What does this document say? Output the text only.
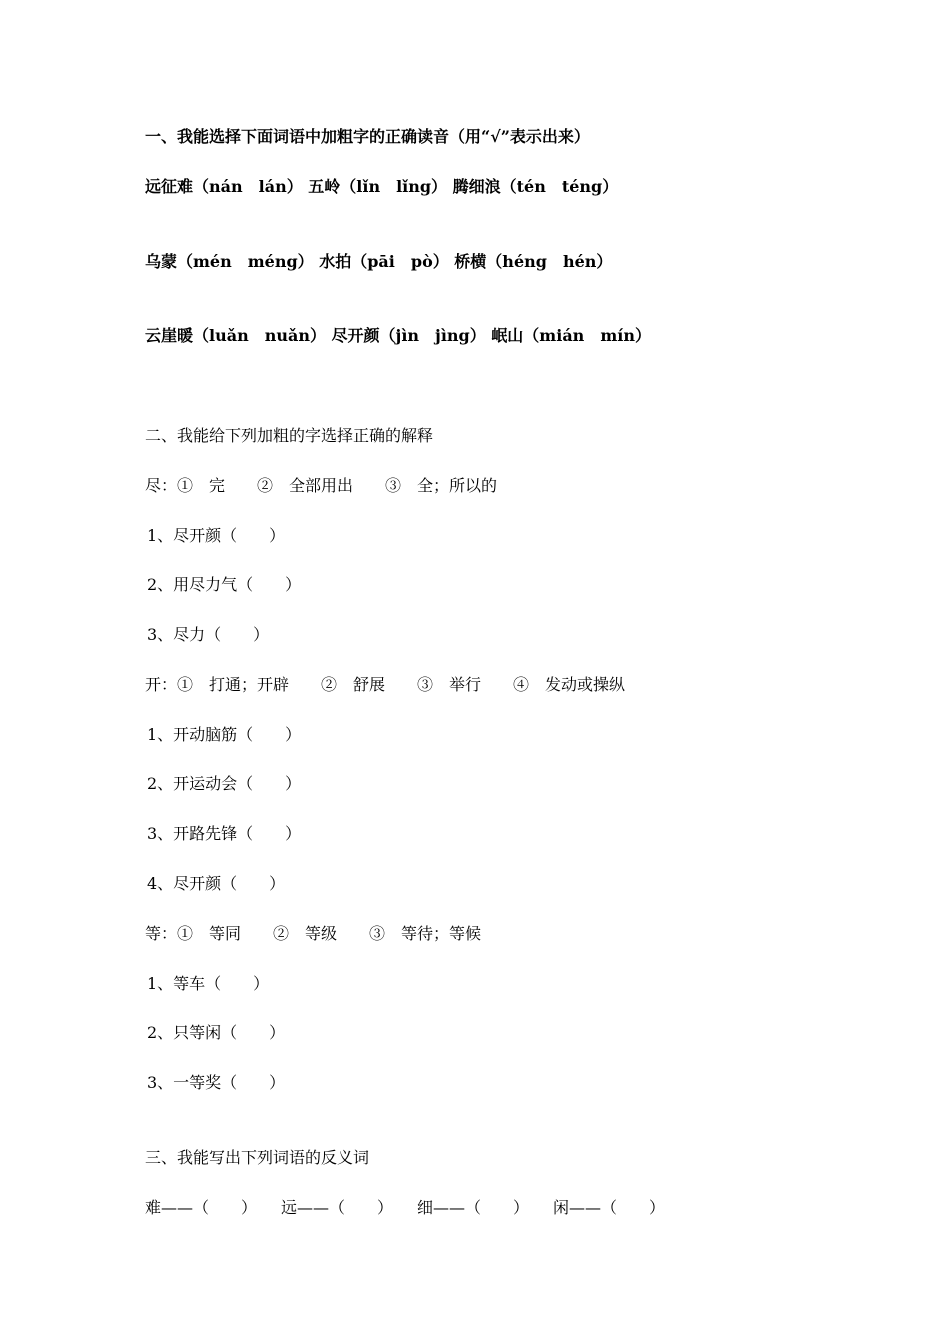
一、我能选择下面词语中加粗字的正确读音（用“√”表示出来）
远征难（nán　lán） 五岭（lǐn　lǐng） 腾细浪（tén　téng）
乌蒙（mén　méng） 水拍（pāi　pò） 桥横（héng　hén）
云崖暖（luǎn　nuǎn） 尽开颜（jìn　jìng） 岷山（mián　mín）
二、我能给下列加粗的字选择正确的解释
尽：①　完　　②　全部用出　　③　全；所以的
1、尽开颜（　　）
2、用尽力气（　　）
3、尽力（　　）
开：①　打通；开辟　　②　舒展　　③　举行　　④　发动或操纵
1、开动脑筋（　　）
2、开运动会（　　）
3、开路先锋（　　）
4、尽开颜（　　）
等：①　等同　　②　等级　　③　等待；等候
1、等车（　　）
2、只等闲（　　）
3、一等奖（　　）
三、我能写出下列词语的反义词
难——（　　）　　远——（　　）　　细——（　　）　　闲——（　　）
